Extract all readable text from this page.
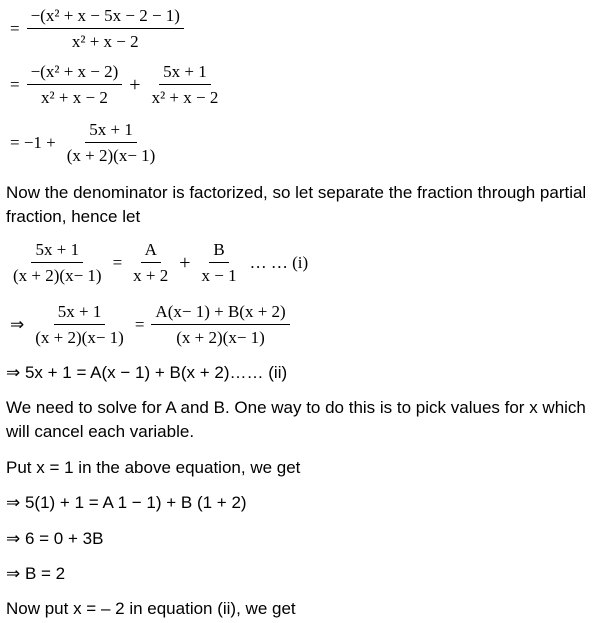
= $\frac{\text{−(x² + x − 5x − 2 − 1)}}{\text{x² + x − 2}}$
= $\frac{\text{−(x² + x − 2)}}{\text{x² + x − 2}} + \frac{5x + 1}{\text{x² + x − 2}}$
= $-1 + \frac{5x + 1}{(x + 2)(x- 1)}$
Now the denominator is factorized, so let separate the fraction through partial fraction, hence let
$\frac{5x + 1}{(x + 2)(x- 1)} = \frac{A}{x + 2} + \frac{B}{x - 1}$ … … (i)
⇒ $\frac{5x + 1}{(x + 2)(x- 1)} = \frac{A(x- 1) + B(x + 2)}{(x + 2)(x- 1)}$
⇒ 5x + 1 = A(x − 1) + B(x + 2)…… (ii)
We need to solve for A and B. One way to do this is to pick values for x which will cancel each variable.
Put x = 1 in the above equation, we get
⇒ 5(1) + 1 = A 1 − 1) + B (1 + 2)
⇒ 6 = 0 + 3B
⇒ B = 2
Now put x = – 2 in equation (ii), we get
